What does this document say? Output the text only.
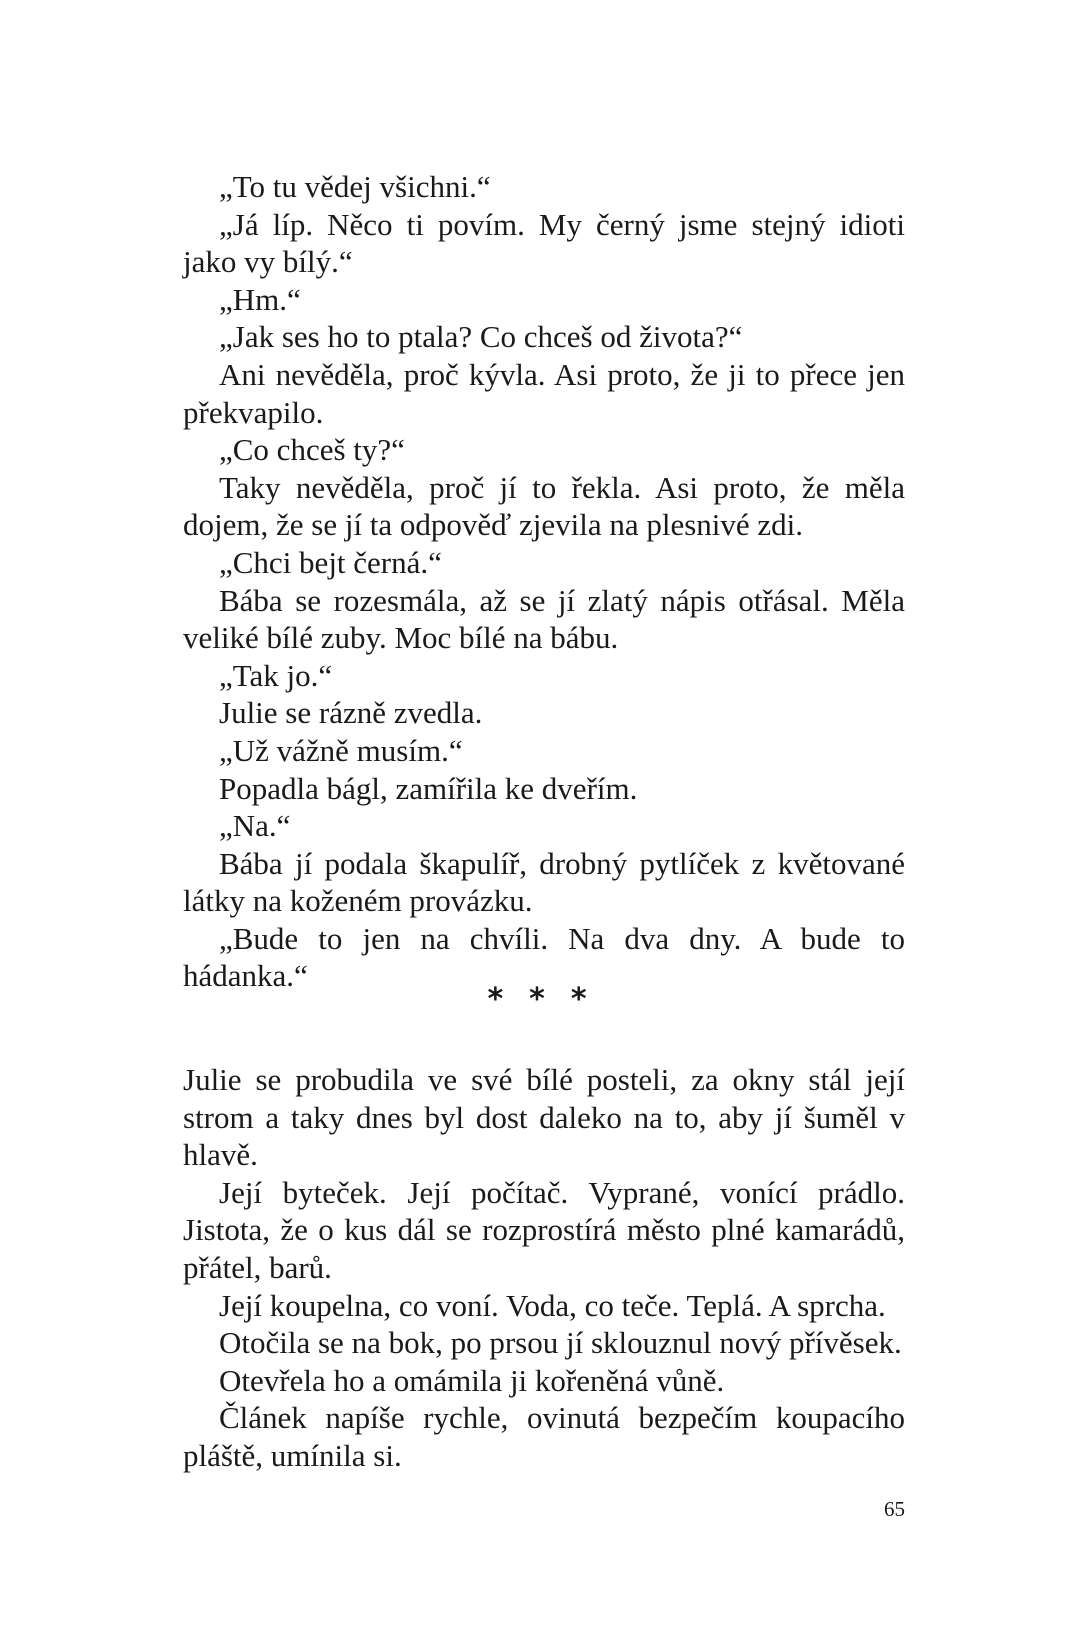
„To tu vědej všichni.“

„Já líp. Něco ti povím. My černý jsme stejný idioti jako vy bílý.“

„Hm.“

„Jak ses ho to ptala? Co chceš od života?“

Ani nevěděla, proč kývla. Asi proto, že ji to přece jen překvapilo.

„Co chceš ty?“

Taky nevěděla, proč jí to řekla. Asi proto, že měla dojem, že se jí ta odpověď zjevila na plesnivé zdi.

„Chci bejt černá.“

Bába se rozesmála, až se jí zlatý nápis otřásal. Měla veliké bílé zuby. Moc bílé na bábu.

„Tak jo.“

Julie se rázně zvedla.

„Už vážně musím.“

Popadla bágl, zamířila ke dveřím.

„Na.“

Bába jí podala škapulíř, drobný pytlíček z květované látky na koženém provázku.

„Bude to jen na chvíli. Na dva dny. A bude to hádanka.“

* * *

Julie se probudila ve své bílé posteli, za okny stál její strom a taky dnes byl dost daleko na to, aby jí šuměl v hlavě.

Její byteček. Její počítač. Vyprané, vonící prádlo. Jistota, že o kus dál se rozprostírá město plné kamarádů, přátel, barů.

Její koupelna, co voní. Voda, co teče. Teplá. A sprcha.

Otočila se na bok, po prsou jí sklouznul nový přívěsek.

Otevřela ho a omámila ji kořeněná vůně.

Článek napíše rychle, ovinutá bezpečím koupacího pláště, umínila si.

65
